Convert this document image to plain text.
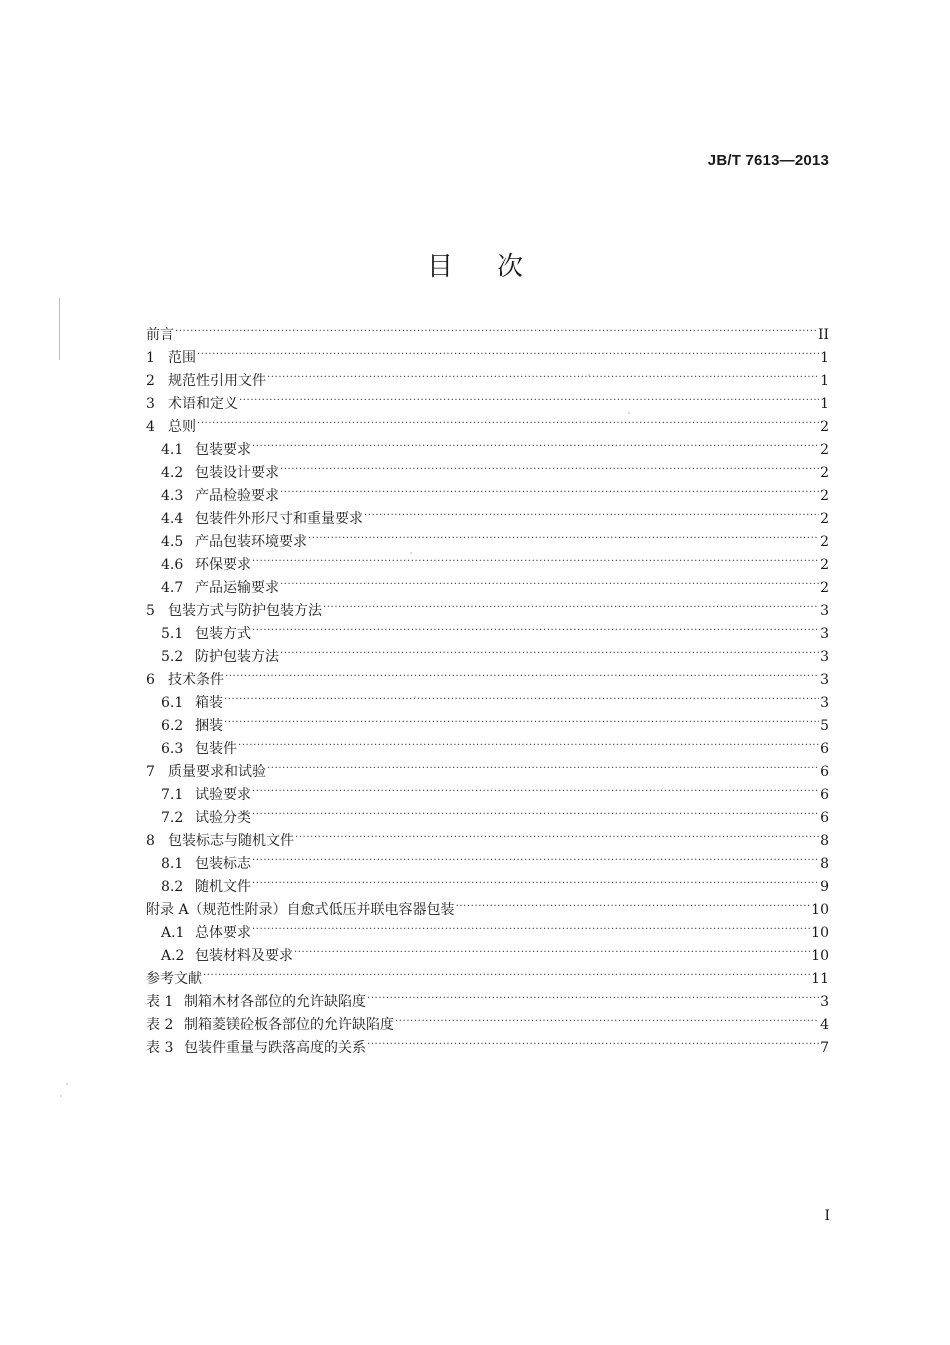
JB/T 7613—2013
目次
前言 .....	II
1 范围 .....	1
2 规范性引用文件 .....	1
3 术语和定义 .....	1
4 总则 .....	2
4.1 包装要求 .....	2
4.2 包装设计要求 .....	2
4.3 产品检验要求 .....	2
4.4 包装件外形尺寸和重量要求 .....	2
4.5 产品包装环境要求 .....	2
4.6 环保要求 .....	2
4.7 产品运输要求 .....	2
5 包装方式与防护包装方法 .....	3
5.1 包装方式 .....	3
5.2 防护包装方法 .....	3
6 技术条件 .....	3
6.1 箱装 .....	3
6.2 捆装 .....	5
6.3 包装件 .....	6
7 质量要求和试验 .....	6
7.1 试验要求 .....	6
7.2 试验分类 .....	6
8 包装标志与随机文件 .....	8
8.1 包装标志 .....	8
8.2 随机文件 .....	9
附录 A（规范性附录）自愈式低压并联电容器包装 .....	10
A.1 总体要求 .....	10
A.2 包装材料及要求 .....	10
参考文献 .....	11
表 1 制箱木材各部位的允许缺陷度 .....	3
表 2 制箱菱镁砼板各部位的允许缺陷度 .....	4
表 3 包装件重量与跌落高度的关系 .....	7
I
